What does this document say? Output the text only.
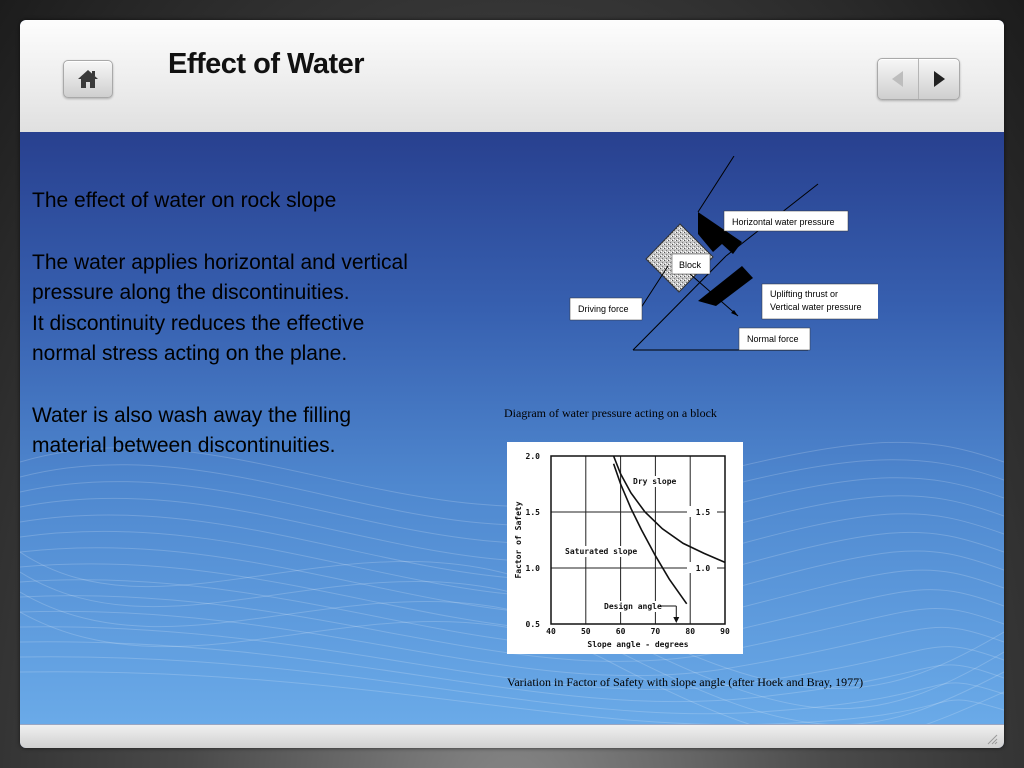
Effect of Water

The effect of water on rock slope

The water applies horizontal and vertical

pressure along the discontinuities.

It discontinuity reduces the effective

normal stress acting on the plane.

Water is also wash away the filling

material between discontinuities.

Horizontal water pressure
Block
Uplifting thrust or
Vertical water pressure
Driving force
Normal force
Diagram of water pressure acting on a block
40	50	60	70	80	90
0.5
1.0
1.5
2.0
1.5
1.0
Dry slope
Saturated slope
Design angle
Slope angle - degrees
Factor of Safety
Variation in Factor of Safety with slope angle (after Hoek and Bray, 1977)
